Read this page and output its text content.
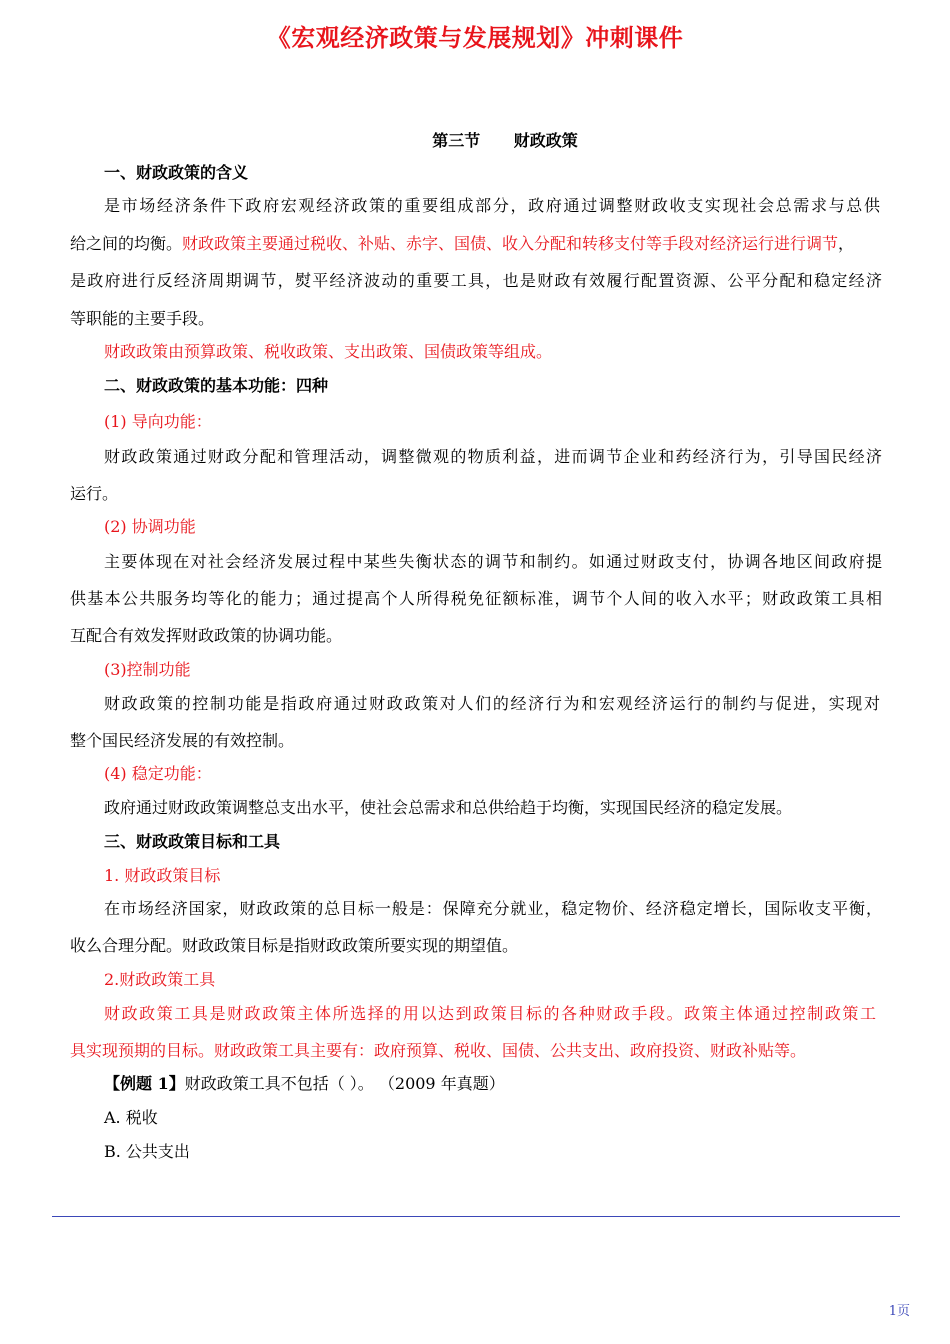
《宏观经济政策与发展规划》冲刺课件
第三节      财政政策
一、财政政策的含义
是市场经济条件下政府宏观经济政策的重要组成部分，政府通过调整财政收支实现社会总需求与总供
给之间的均衡。财政政策主要通过税收、补贴、赤字、国债、收入分配和转移支付等手段对经济运行进行调节，
是政府进行反经济周期调节，熨平经济波动的重要工具，也是财政有效履行配置资源、公平分配和稳定经济
等职能的主要手段。
财政政策由预算政策、税收政策、支出政策、国债政策等组成。
二、财政政策的基本功能：四种
(1) 导向功能：
财政政策通过财政分配和管理活动，调整微观的物质利益，进而调节企业和药经济行为，引导国民经济
运行。
(2) 协调功能
主要体现在对社会经济发展过程中某些失衡状态的调节和制约。如通过财政支付，协调各地区间政府提
供基本公共服务均等化的能力；通过提高个人所得税免征额标准，调节个人间的收入水平；财政政策工具相
互配合有效发挥财政政策的协调功能。
(3)控制功能
财政政策的控制功能是指政府通过财政政策对人们的经济行为和宏观经济运行的制约与促进，实现对
整个国民经济发展的有效控制。
(4) 稳定功能：
政府通过财政政策调整总支出水平，使社会总需求和总供给趋于均衡，实现国民经济的稳定发展。
三、财政政策目标和工具
1. 财政政策目标
在市场经济国家，财政政策的总目标一般是：保障充分就业，稳定物价、经济稳定增长，国际收支平衡，
收么合理分配。财政政策目标是指财政政策所要实现的期望值。
2.财政政策工具
财政政策工具是财政政策主体所选择的用以达到政策目标的各种财政手段。政策主体通过控制政策工
具实现预期的目标。财政政策工具主要有：政府预算、税收、国债、公共支出、政府投资、财政补贴等。
【例题 1】财政政策工具不包括（ ）。 （2009 年真题）
A. 税收
B. 公共支出
1页
